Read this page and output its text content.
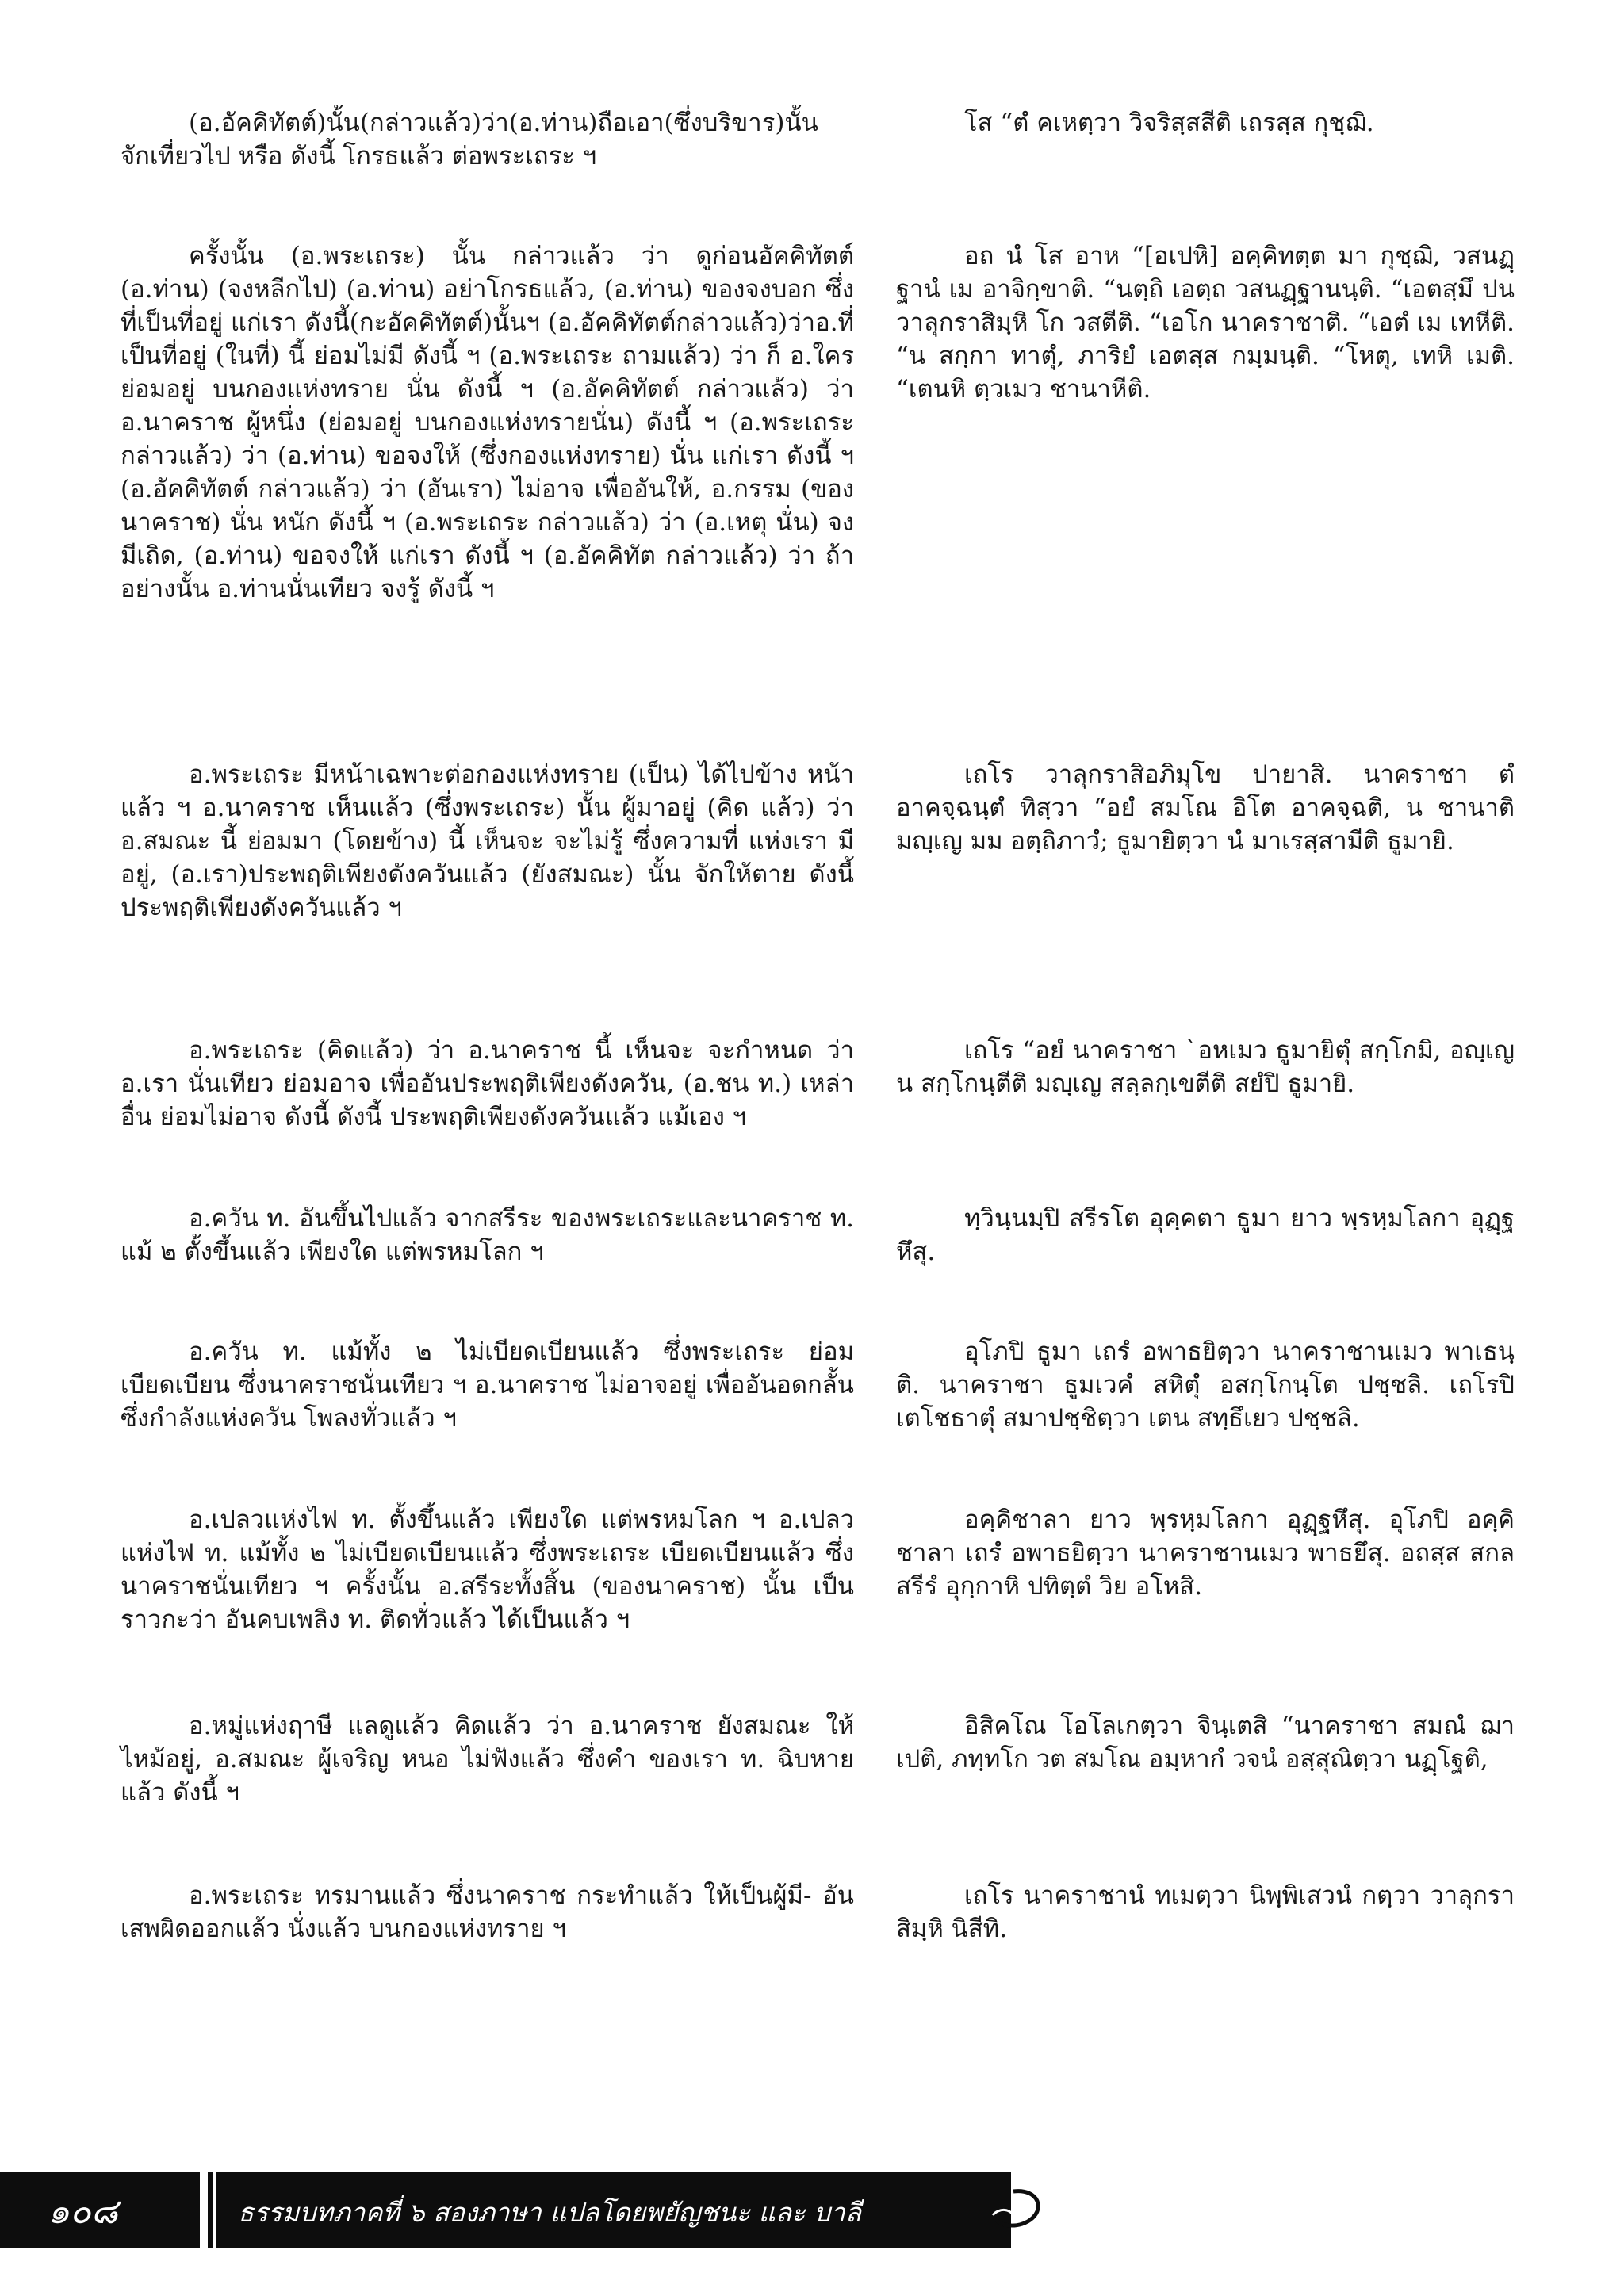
(อ.อัคคิทัตต์)นั้น(กล่าวแล้ว)ว่า(อ.ท่าน)ถือเอา(ซึ่งบริขาร)นั้น จักเที่ยวไป หรือ ดังนี้ โกรธแล้ว ต่อพระเถระ ฯ
ครั้งนั้น (อ.พระเถระ) นั้น กล่าวแล้ว ว่า ดูก่อนอัคคิทัตต์ (อ.ท่าน) (จงหลีกไป) (อ.ท่าน) อย่าโกรธแล้ว, (อ.ท่าน) ของจงบอก ซึ่งที่เป็นที่อยู่ แก่เรา ดังนี้(กะอัคคิทัตต์)นั้นฯ (อ.อัคคิทัตต์กล่าวแล้ว)ว่าอ.ที่เป็นที่อยู่ (ในที่) นี้ ย่อมไม่มี ดังนี้ ฯ (อ.พระเถระ ถามแล้ว) ว่า ก็ อ.ใคร ย่อมอยู่ บนกองแห่งทราย นั่น ดังนี้ ฯ (อ.อัคคิทัตต์ กล่าวแล้ว) ว่า อ.นาคราช ผู้หนึ่ง (ย่อมอยู่ บนกองแห่งทรายนั่น) ดังนี้ ฯ (อ.พระเถระ กล่าวแล้ว) ว่า (อ.ท่าน) ขอจงให้ (ซึ่งกองแห่งทราย) นั่น แก่เรา ดังนี้ ฯ (อ.อัคคิทัตต์ กล่าวแล้ว) ว่า (อันเรา) ไม่อาจ เพื่ออันให้, อ.กรรม (ของนาคราช) นั่น หนัก ดังนี้ ฯ (อ.พระเถระ กล่าวแล้ว) ว่า (อ.เหตุ นั่น) จงมีเถิด, (อ.ท่าน) ขอจงให้ แก่เรา ดังนี้ ฯ (อ.อัคคิทัต กล่าวแล้ว) ว่า ถ้าอย่างนั้น อ.ท่านนั่นเทียว จงรู้ ดังนี้ ฯ
อ.พระเถระ มีหน้าเฉพาะต่อกองแห่งทราย (เป็น) ได้ไปข้าง หน้าแล้ว ฯ อ.นาคราช เห็นแล้ว (ซึ่งพระเถระ) นั้น ผู้มาอยู่ (คิด แล้ว) ว่า อ.สมณะ นี้ ย่อมมา (โดยข้าง) นี้ เห็นจะ จะไม่รู้ ซึ่งความที่ แห่งเรา มีอยู่, (อ.เรา)ประพฤติเพียงดังควันแล้ว (ยังสมณะ) นั้น จักให้ตาย ดังนี้ ประพฤติเพียงดังควันแล้ว ฯ
อ.พระเถระ (คิดแล้ว) ว่า อ.นาคราช นี้ เห็นจะ จะกำหนด ว่า อ.เรา นั่นเทียว ย่อมอาจ เพื่ออันประพฤติเพียงดังควัน, (อ.ชน ท.) เหล่าอื่น ย่อมไม่อาจ ดังนี้ ดังนี้ ประพฤติเพียงดังควันแล้ว แม้เอง ฯ
อ.ควัน ท. อันขึ้นไปแล้ว จากสรีระ ของพระเถระและนาคราช ท. แม้ ๒ ตั้งขึ้นแล้ว เพียงใด แต่พรหมโลก ฯ
อ.ควัน ท. แม้ทั้ง ๒ ไม่เบียดเบียนแล้ว ซึ่งพระเถระ ย่อมเบียดเบียน ซึ่งนาคราชนั่นเทียว ฯ อ.นาคราช ไม่อาจอยู่ เพื่ออันอดกลั้น ซึ่งกำลังแห่งควัน โพลงทั่วแล้ว ฯ
อ.เปลวแห่งไฟ ท. ตั้งขึ้นแล้ว เพียงใด แต่พรหมโลก ฯ อ.เปลว แห่งไฟ ท. แม้ทั้ง ๒ ไม่เบียดเบียนแล้ว ซึ่งพระเถระ เบียดเบียนแล้ว ซึ่งนาคราชนั่นเทียว ฯ ครั้งนั้น อ.สรีระทั้งสิ้น (ของนาคราช) นั้น เป็นราวกะว่า อันคบเพลิง ท. ติดทั่วแล้ว ได้เป็นแล้ว ฯ
อ.หมู่แห่งฤาษี แลดูแล้ว คิดแล้ว ว่า อ.นาคราช ยังสมณะ ให้ไหม้อยู่, อ.สมณะ ผู้เจริญ หนอ ไม่ฟังแล้ว ซึ่งคำ ของเรา ท. ฉิบหายแล้ว ดังนี้ ฯ
อ.พระเถระ ทรมานแล้ว ซึ่งนาคราช กระทำแล้ว ให้เป็นผู้มี- อันเสพผิดออกแล้ว นั่งแล้ว บนกองแห่งทราย ฯ
โส “ตํ คเหตฺวา วิจริสฺสสีติ เถรสฺส กุชฺฌิ.
อถ นํ โส อาห “[อเปหิ] อคฺคิทตฺต มา กุชฺฌิ, วสนฏฺฐานํ เม อาจิกฺขาติ. “นตฺถิ เอตฺถ วสนฏฺฐานนฺติ. “เอตสฺมึ ปน วาลุกราสิมฺหิ โก วสตีติ. “เอโก นาคราชาติ. “เอตํ เม เทหีติ. “น สกฺกา ทาตุํ, ภาริยํ เอตสฺส กมฺมนฺติ. “โหตุ, เทหิ เมติ. “เตนหิ ตฺวเมว ชานาหีติ.
เถโร วาลุกราสิอภิมุโข ปายาสิ. นาคราชา ตํ อาคจฺฉนฺตํ ทิสฺวา “อยํ สมโณ อิโต อาคจฺฉติ, น ชานาติ มญฺเญ มม อตฺถิภาวํ; ธูมายิตฺวา นํ มาเรสฺสามีติ ธูมายิ.
เถโร “อยํ นาคราชา `อหเมว ธูมายิตุํ สกฺโกมิ, อญฺเญ น สกฺโกนฺตีติ มญฺเญ สลฺลกฺเขตีติ สยํปิ ธูมายิ.
ทฺวินฺนมฺปิ สรีรโต อุคฺคตา ธูมา ยาว พฺรหฺมโลกา อุฏฺฐหึสุ.
อุโภปิ ธูมา เถรํ อพาธยิตฺวา นาคราชานเมว พาเธนฺติ. นาคราชา ธูมเวคํ สหิตุํ อสกฺโกนฺโต ปชฺชลิ. เถโรปิ เตโชธาตุํ สมาปชฺชิตฺวา เตน สทฺธึเยว ปชฺชลิ.
อคฺคิชาลา ยาว พฺรหฺมโลกา อุฏฺฐหึสุ. อุโภปิ อคฺคิชาลา เถรํ อพาธยิตฺวา นาคราชานเมว พาธยึสุ. อถสฺส สกลสรีรํ อุกฺกาหิ ปทิตฺตํ วิย อโหสิ.
อิสิคโณ โอโลเกตฺวา จินฺเตสิ “นาคราชา สมณํ ฌาเปติ, ภทฺทโก วต สมโณ อมฺหากํ วจนํ อสฺสุณิตฺวา นฏฺโฐติ,
เถโร นาคราชานํ ทเมตฺวา นิพฺพิเสวนํ กตฺวา วาลุกราสิมฺหิ นิสีทิ.
๑๐๘	ธรรมบทภาคที่ ๖ สองภาษา แปลโดยพยัญชนะ และ บาลี
